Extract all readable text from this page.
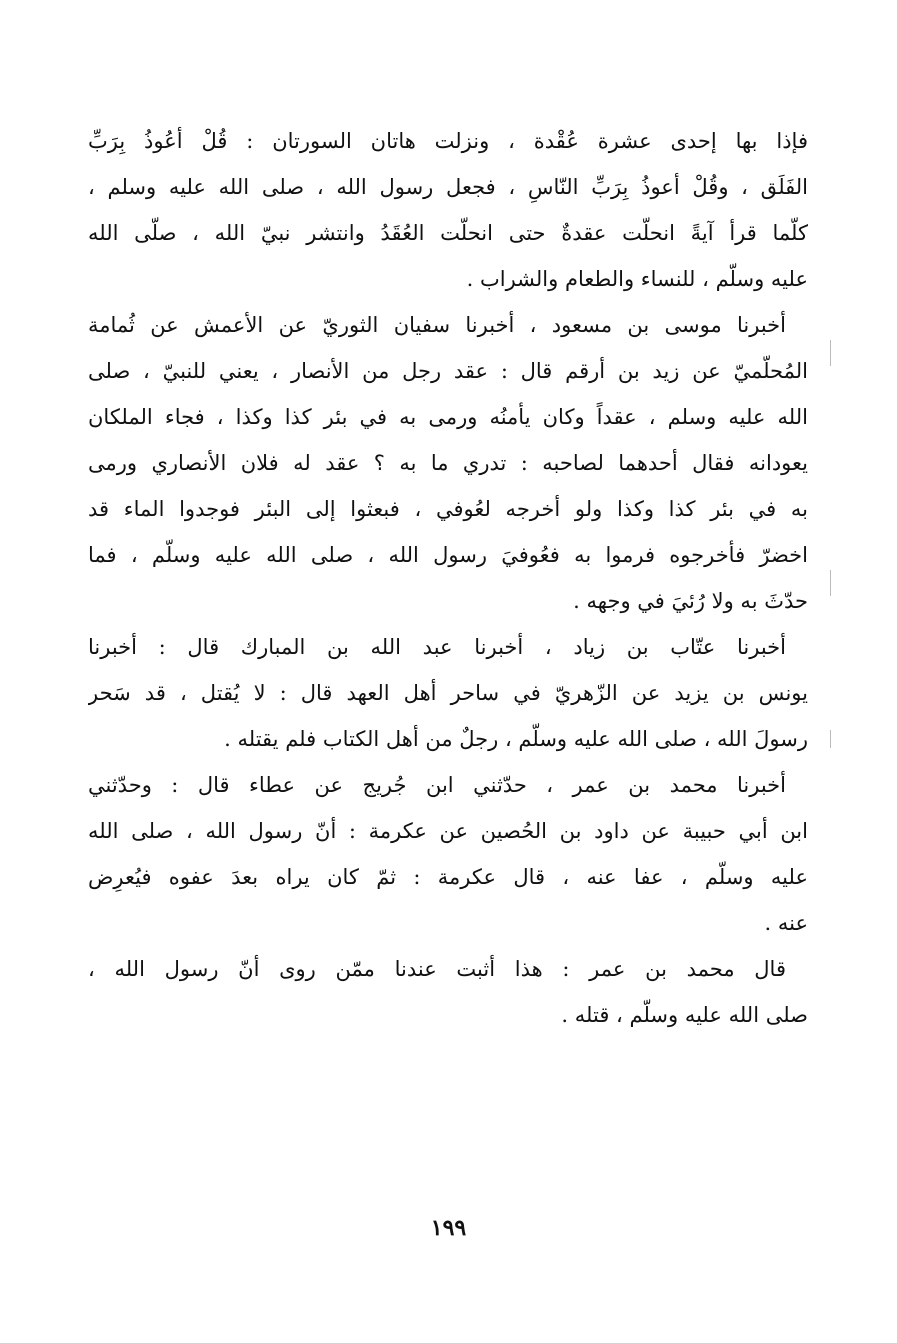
فإذا بها إحدى عشرة عُقْدة ، ونزلت هاتان السورتان : قُلْ أعُوذُ بِرَبِّ
الفَلَق ، وقُلْ أعوذُ بِرَبِّ النّاسِ ، فجعل رسول الله ، صلى الله عليه وسلم ،
كلّما قرأ آيةً انحلّت عقدةٌ حتى انحلّت العُقَدُ وانتشر نبيّ الله ، صلّى الله
عليه وسلّم ، للنساء والطعام والشراب .
أخبرنا موسى بن مسعود ، أخبرنا سفيان الثوريّ عن الأعمش عن ثُمامة
المُحلّميّ عن زيد بن أرقم قال : عقد رجل من الأنصار ، يعني للنبيّ ، صلى
الله عليه وسلم ، عقداً وكان يأمنُه ورمى به في بئر كذا وكذا ، فجاء الملكان
يعودانه فقال أحدهما لصاحبه : تدري ما به ؟ عقد له فلان الأنصاري ورمى
به في بئر كذا وكذا ولو أخرجه لعُوفي ، فبعثوا إلى البئر فوجدوا الماء قد
اخضرّ فأخرجوه فرموا به فعُوفيَ رسول الله ، صلى الله عليه وسلّم ، فما
حدّثَ به ولا رُئيَ في وجهه .
أخبرنا عتّاب بن زياد ، أخبرنا عبد الله بن المبارك قال : أخبرنا
يونس بن يزيد عن الزّهريّ في ساحر أهل العهد قال : لا يُقتل ، قد سَحر
رسولَ الله ، صلى الله عليه وسلّم ، رجلٌ من أهل الكتاب فلم يقتله .
أخبرنا محمد بن عمر ، حدّثني ابن جُريج عن عطاء قال : وحدّثني
ابن أبي حبيبة عن داود بن الحُصين عن عكرمة : أنّ رسول الله ، صلى الله
عليه وسلّم ، عفا عنه ، قال عكرمة : ثمّ كان يراه بعدَ عفوه فيُعرِض
عنه .
قال محمد بن عمر : هذا أثبت عندنا ممّن روى أنّ رسول الله ،
صلى الله عليه وسلّم ، قتله .
١٩٩
